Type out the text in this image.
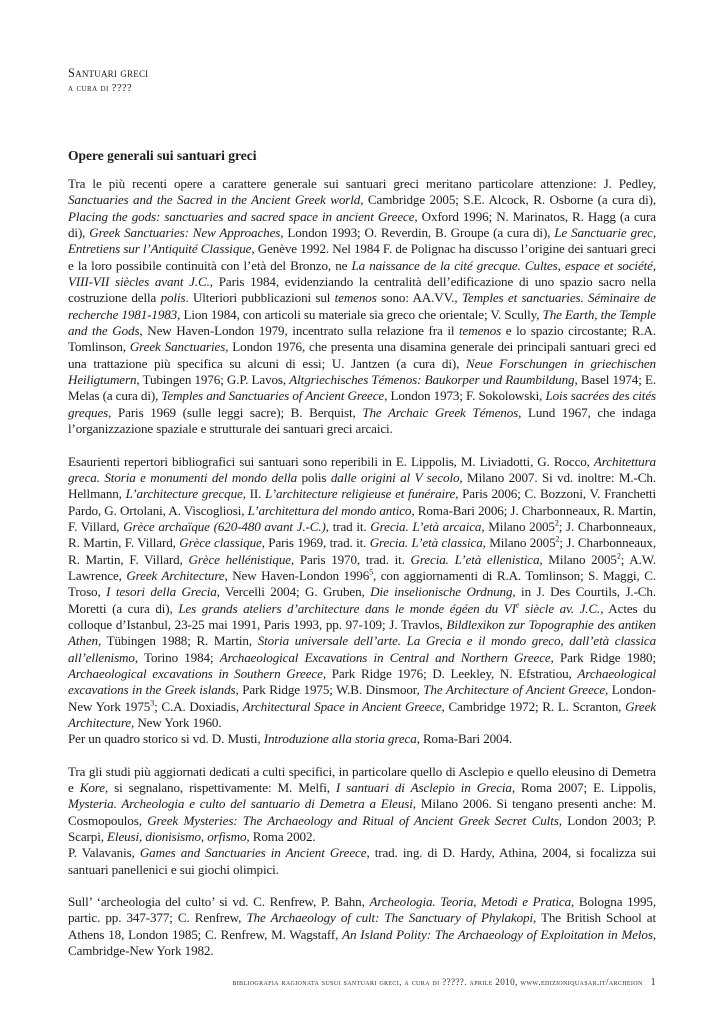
Santuari greci
a cura di ????
Opere generali sui santuari greci

Tra le più recenti opere a carattere generale sui santuari greci meritano particolare attenzione: J. Pedley, Sanctuaries and the Sacred in the Ancient Greek world, Cambridge 2005; S.E. Alcock, R. Osborne (a cura di), Placing the gods: sanctuaries and sacred space in ancient Greece, Oxford 1996; N. Marinatos, R. Hagg (a cura di), Greek Sanctuaries: New Approaches, London 1993; O. Reverdin, B. Groupe (a cura di), Le Sanctuarie grec, Entretiens sur l’Antiquité Classique, Genève 1992. Nel 1984 F. de Polignac ha discusso l’origine dei santuari greci e la loro possibile continuità con l’età del Bronzo, ne La naissance de la cité grecque. Cultes, espace et société, VIII-VII siècles avant J.C., Paris 1984, evidenziando la centralità dell’edificazione di uno spazio sacro nella costruzione della polis. Ulteriori pubblicazioni sul temenos sono: AA.VV., Temples et sanctuaries. Séminaire de recherche 1981-1983, Lion 1984, con articoli su materiale sia greco che orientale; V. Scully, The Earth, the Temple and the Gods, New Haven-London 1979, incentrato sulla relazione fra il temenos e lo spazio circostante; R.A. Tomlinson, Greek Sanctuaries, London 1976, che presenta una disamina generale dei principali santuari greci ed una trattazione più specifica su alcuni di essi; U. Jantzen (a cura di), Neue Forschungen in griechischen Heiligtumern, Tubingen 1976; G.P. Lavos, Altgriechisches Témenos: Baukorper und Raumbildung, Basel 1974; E. Melas (a cura di), Temples and Sanctuaries of Ancient Greece, London 1973; F. Sokolowski, Lois sacrées des cités greques, Paris 1969 (sulle leggi sacre); B. Berquist, The Archaic Greek Témenos, Lund 1967, che indaga l’organizzazione spaziale e strutturale dei santuari greci arcaici.

Esaurienti repertori bibliografici sui santuari sono reperibili in E. Lippolis, M. Liviadotti, G. Rocco, Architettura greca. Storia e monumenti del mondo della polis dalle origini al V secolo, Milano 2007. Si vd. inoltre: M.-Ch. Hellmann, L’architecture grecque, II. L’architecture religieuse et funéraire, Paris 2006; C. Bozzoni, V. Franchetti Pardo, G. Ortolani, A. Viscogliosi, L’architettura del mondo antico, Roma-Bari 2006; J. Charbonneaux, R. Martin, F. Villard, Grèce archaïque (620-480 avant J.-C.), trad it. Grecia. L’età arcaica, Milano 2005$^2$; J. Charbonneaux, R. Martin, F. Villard, Grèce classique, Paris 1969, trad. it. Grecia. L’età classica, Milano 2005$^2$; J. Charbonneaux, R. Martin, F. Villard, Grèce hellénistique, Paris 1970, trad. it. Grecia. L’età ellenistica, Milano 2005$^2$; A.W. Lawrence, Greek Architecture, New Haven-London 1996$^5$, con aggiornamenti di R.A. Tomlinson; S. Maggi, C. Troso, I tesori della Grecia, Vercelli 2004; G. Gruben, Die inselionische Ordnung, in J. Des Courtils, J.-Ch. Moretti (a cura di), Les grands ateliers d’architecture dans le monde égéen du VIe siècle av. J.C., Actes du colloque d’Istanbul, 23-25 mai 1991, Paris 1993, pp. 97-109; J. Travlos, Bildlexikon zur Topographie des antiken Athen, Tübingen 1988; R. Martin, Storia universale dell’arte. La Grecia e il mondo greco, dall’età classica all’ellenismo, Torino 1984; Archaeological Excavations in Central and Northern Greece, Park Ridge 1980; Archaeological excavations in Southern Greece, Park Ridge 1976; D. Leekley, N. Efstratiou, Archaeological excavations in the Greek islands, Park Ridge 1975; W.B. Dinsmoor, The Architecture of Ancient Greece, London-New York 1975$^3$; C.A. Doxiadis, Architectural Space in Ancient Greece, Cambridge 1972; R. L. Scranton, Greek Architecture, New York 1960.
Per un quadro storico si vd. D. Musti, Introduzione alla storia greca, Roma-Bari 2004.

Tra gli studi più aggiornati dedicati a culti specifici, in particolare quello di Asclepio e quello eleusino di Demetra e Kore, si segnalano, rispettivamente: M. Melfi, I santuari di Asclepio in Grecia, Roma 2007; E. Lippolis, Mysteria. Archeologia e culto del santuario di Demetra a Eleusi, Milano 2006. Si tengano presenti anche: M. Cosmopoulos, Greek Mysteries: The Archaeology and Ritual of Ancient Greek Secret Cults, London 2003; P. Scarpi, Eleusi, dionisismo, orfismo, Roma 2002.
P. Valavanis, Games and Sanctuaries in Ancient Greece, trad. ing. di D. Hardy, Athina, 2004, si focalizza sui santuari panellenici e sui giochi olimpici.

Sull’ ‘archeologia del culto’ si vd. C. Renfrew, P. Bahn, Archeologia. Teoria, Metodi e Pratica, Bologna 1995, partic. pp. 347-377; C. Renfrew, The Archaeology of cult: The Sanctuary of Phylakopi, The British School at Athens 18, London 1985; C. Renfrew, M. Wagstaff, An Island Polity: The Archaeology of Exploitation in Melos, Cambridge-New York 1982.

bibliografia ragionata susui santuari greci, a cura di ?????. aprile 2010, www.edizioniquasar.it/archeion 1
